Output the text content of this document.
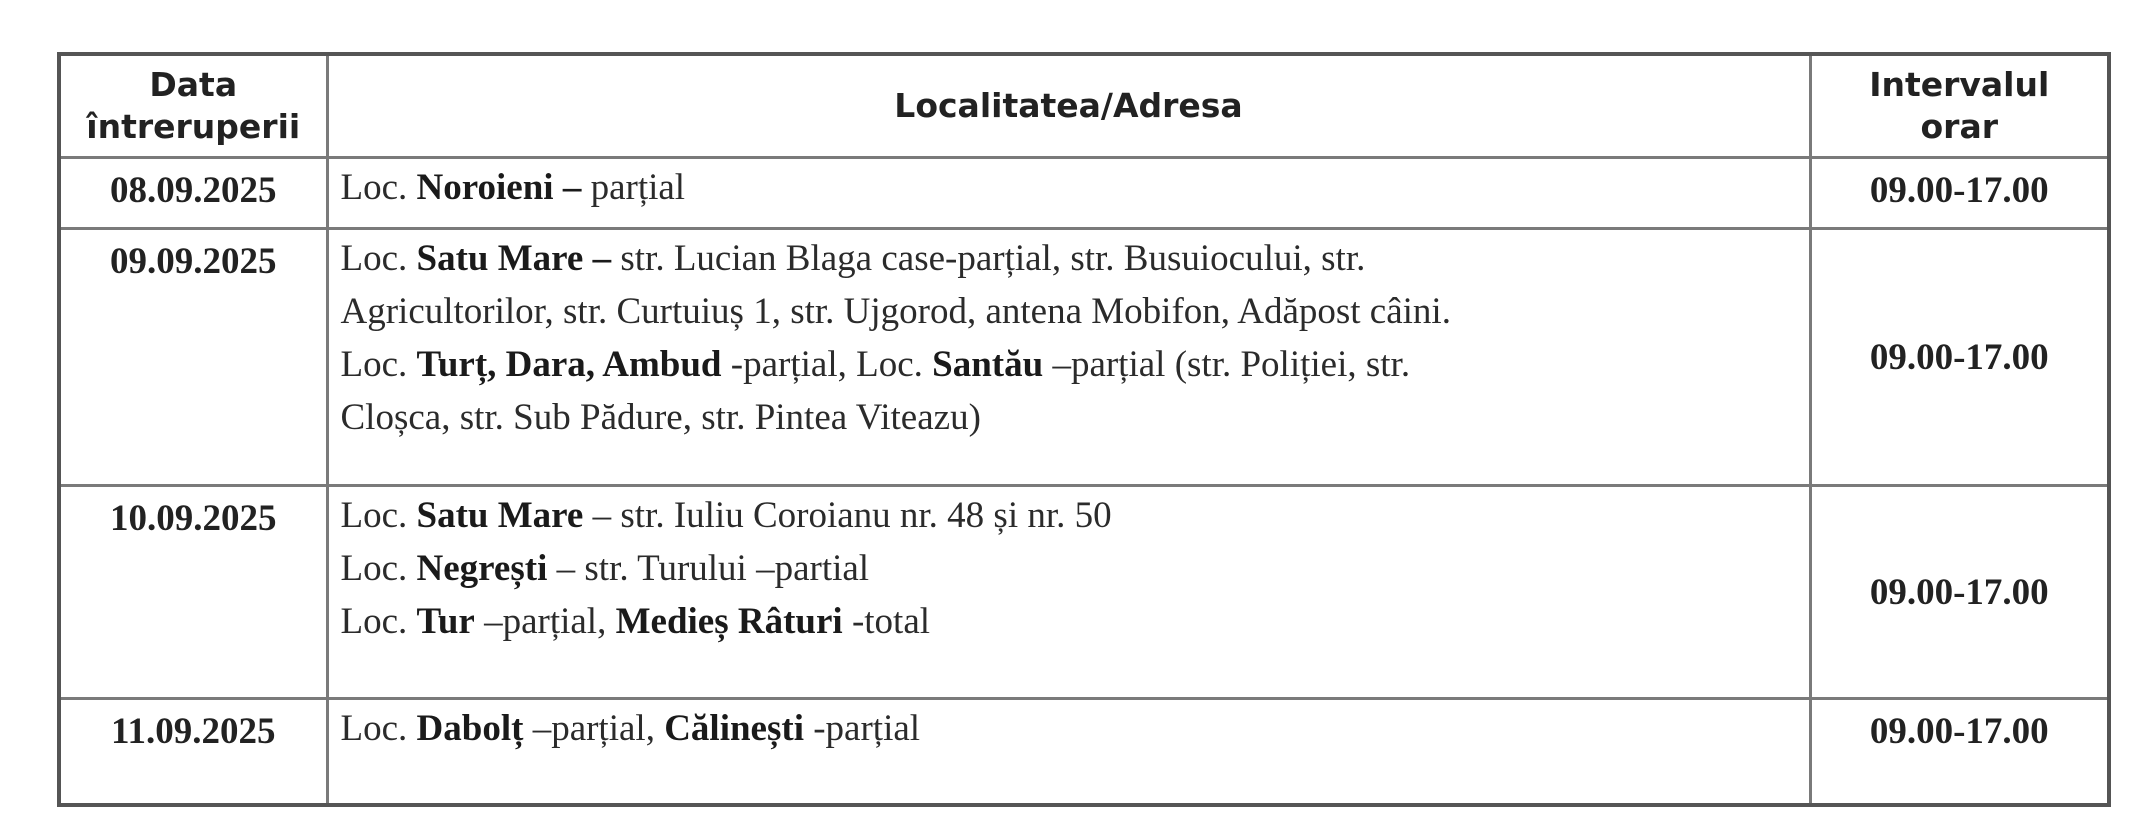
Data
întreruperii	Localitatea/Adresa	Intervalul
orar

08.09.2025	Loc. Noroieni – parțial	09.00-17.00
09.09.2025	Loc. Satu Mare – str. Lucian Blaga case-parțial, str. Busuiocului, str.
Agricultorilor, str. Curtuiuș 1, str. Ujgorod, antena Mobifon, Adăpost câini.
Loc. Turț, Dara, Ambud -parțial, Loc. Santău –parțial (str. Poliției, str.
Cloșca, str. Sub Pădure, str. Pintea Viteazu)	09.00-17.00
10.09.2025	Loc. Satu Mare – str. Iuliu Coroianu nr. 48 și nr. 50
Loc. Negrești – str. Turului –partial
Loc. Tur –parțial, Medieș Râturi -total	09.00-17.00
11.09.2025	Loc. Dabolț –parțial, Călinești -parțial	09.00-17.00
